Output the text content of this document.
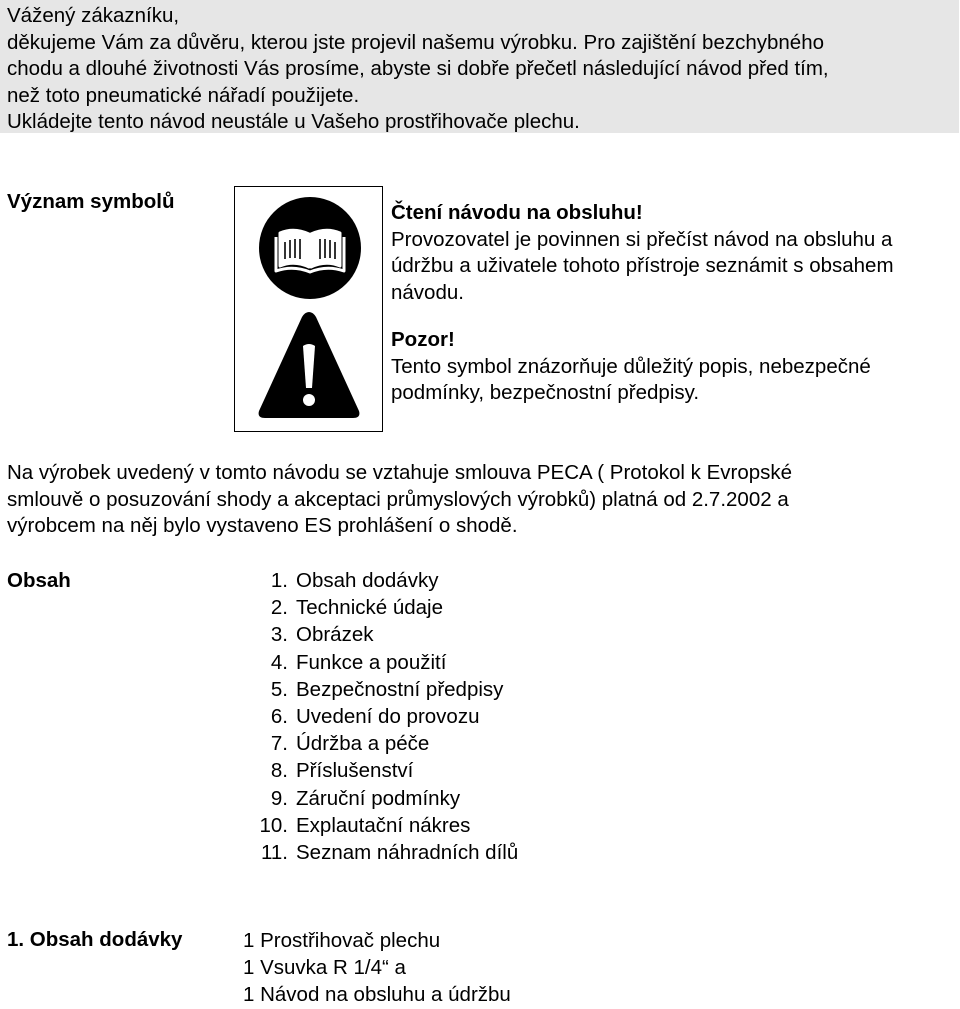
Vážený zákazníku,

děkujeme Vám za důvěru, kterou jste projevil našemu výrobku. Pro zajištění bezchybného

chodu a dlouhé životnosti Vás prosíme, abyste si dobře přečetl následující návod před tím,

než toto pneumatické nářadí použijete.

Ukládejte tento návod neustále u Vašeho prostřihovače plechu.

Význam symbolů	Čtení návodu na obsluhu!

Provozovatel je povinnen si přečíst návod na obsluhu a

údržbu a uživatele tohoto přístroje seznámit s obsahem

návodu.

Pozor!

Tento symbol znázorňuje důležitý popis, nebezpečné

podmínky, bezpečnostní předpisy.

Na výrobek uvedený v tomto návodu se vztahuje smlouva PECA ( Protokol k Evropské
smlouvě o posuzování shody a akceptaci průmyslových výrobků) platná od 2.7.2002 a
výrobcem na něj bylo vystaveno ES prohlášení o shodě.
Obsah	1. Obsah dodávky
2. Technické údaje
3. Obrázek
4. Funkce a použití
5. Bezpečnostní předpisy
6. Uvedení do provozu
7. Údržba a péče
8. Příslušenství
9. Záruční podmínky
10. Explautační nákres
11. Seznam náhradních dílů
1. Obsah dodávky	1 Prostřihovač plechu
1 Vsuvka R 1/4“ a
1 Návod na obsluhu a údržbu
